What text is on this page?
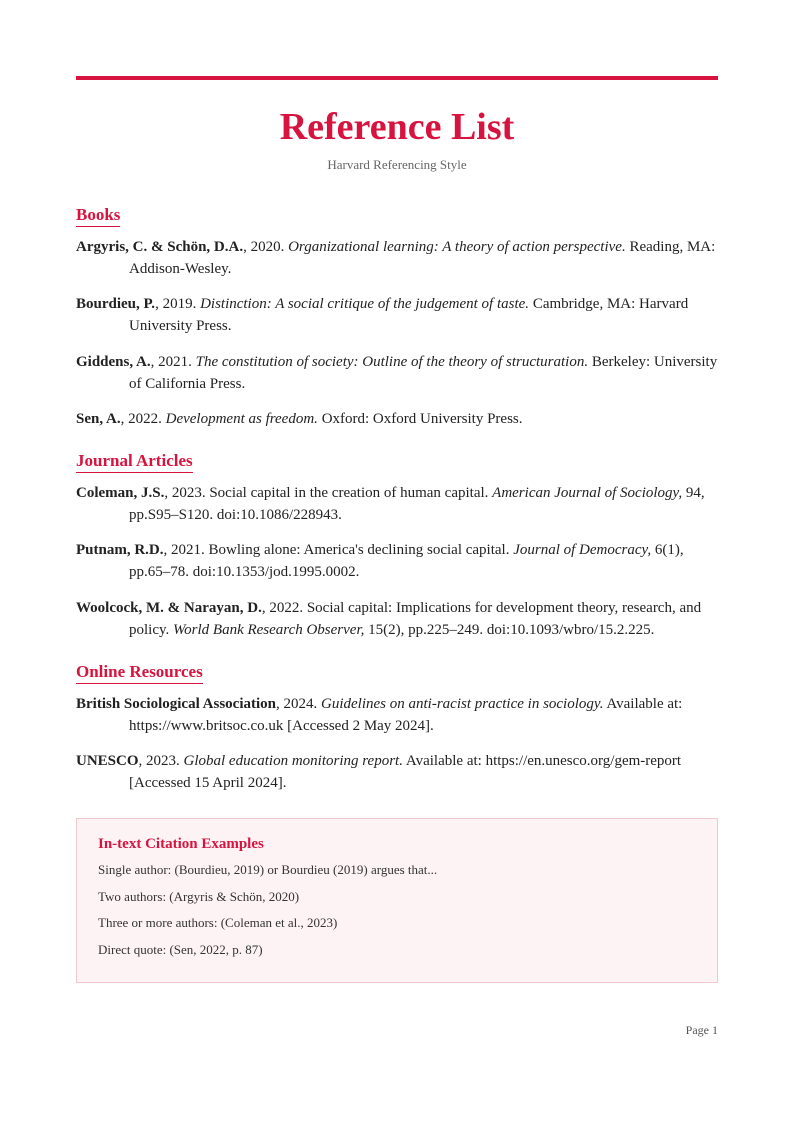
Reference List
Harvard Referencing Style
Books
Argyris, C. & Schön, D.A., 2020. Organizational learning: A theory of action perspective. Reading, MA: Addison-Wesley.
Bourdieu, P., 2019. Distinction: A social critique of the judgement of taste. Cambridge, MA: Harvard University Press.
Giddens, A., 2021. The constitution of society: Outline of the theory of structuration. Berkeley: University of California Press.
Sen, A., 2022. Development as freedom. Oxford: Oxford University Press.
Journal Articles
Coleman, J.S., 2023. Social capital in the creation of human capital. American Journal of Sociology, 94, pp.S95–S120. doi:10.1086/228943.
Putnam, R.D., 2021. Bowling alone: America's declining social capital. Journal of Democracy, 6(1), pp.65–78. doi:10.1353/jod.1995.0002.
Woolcock, M. & Narayan, D., 2022. Social capital: Implications for development theory, research, and policy. World Bank Research Observer, 15(2), pp.225–249. doi:10.1093/wbro/15.2.225.
Online Resources
British Sociological Association, 2024. Guidelines on anti-racist practice in sociology. Available at: https://www.britsoc.co.uk [Accessed 2 May 2024].
UNESCO, 2023. Global education monitoring report. Available at: https://en.unesco.org/gem-report [Accessed 15 April 2024].
In-text Citation Examples
Single author: (Bourdieu, 2019) or Bourdieu (2019) argues that...
Two authors: (Argyris & Schön, 2020)
Three or more authors: (Coleman et al., 2023)
Direct quote: (Sen, 2022, p. 87)
Page 1
